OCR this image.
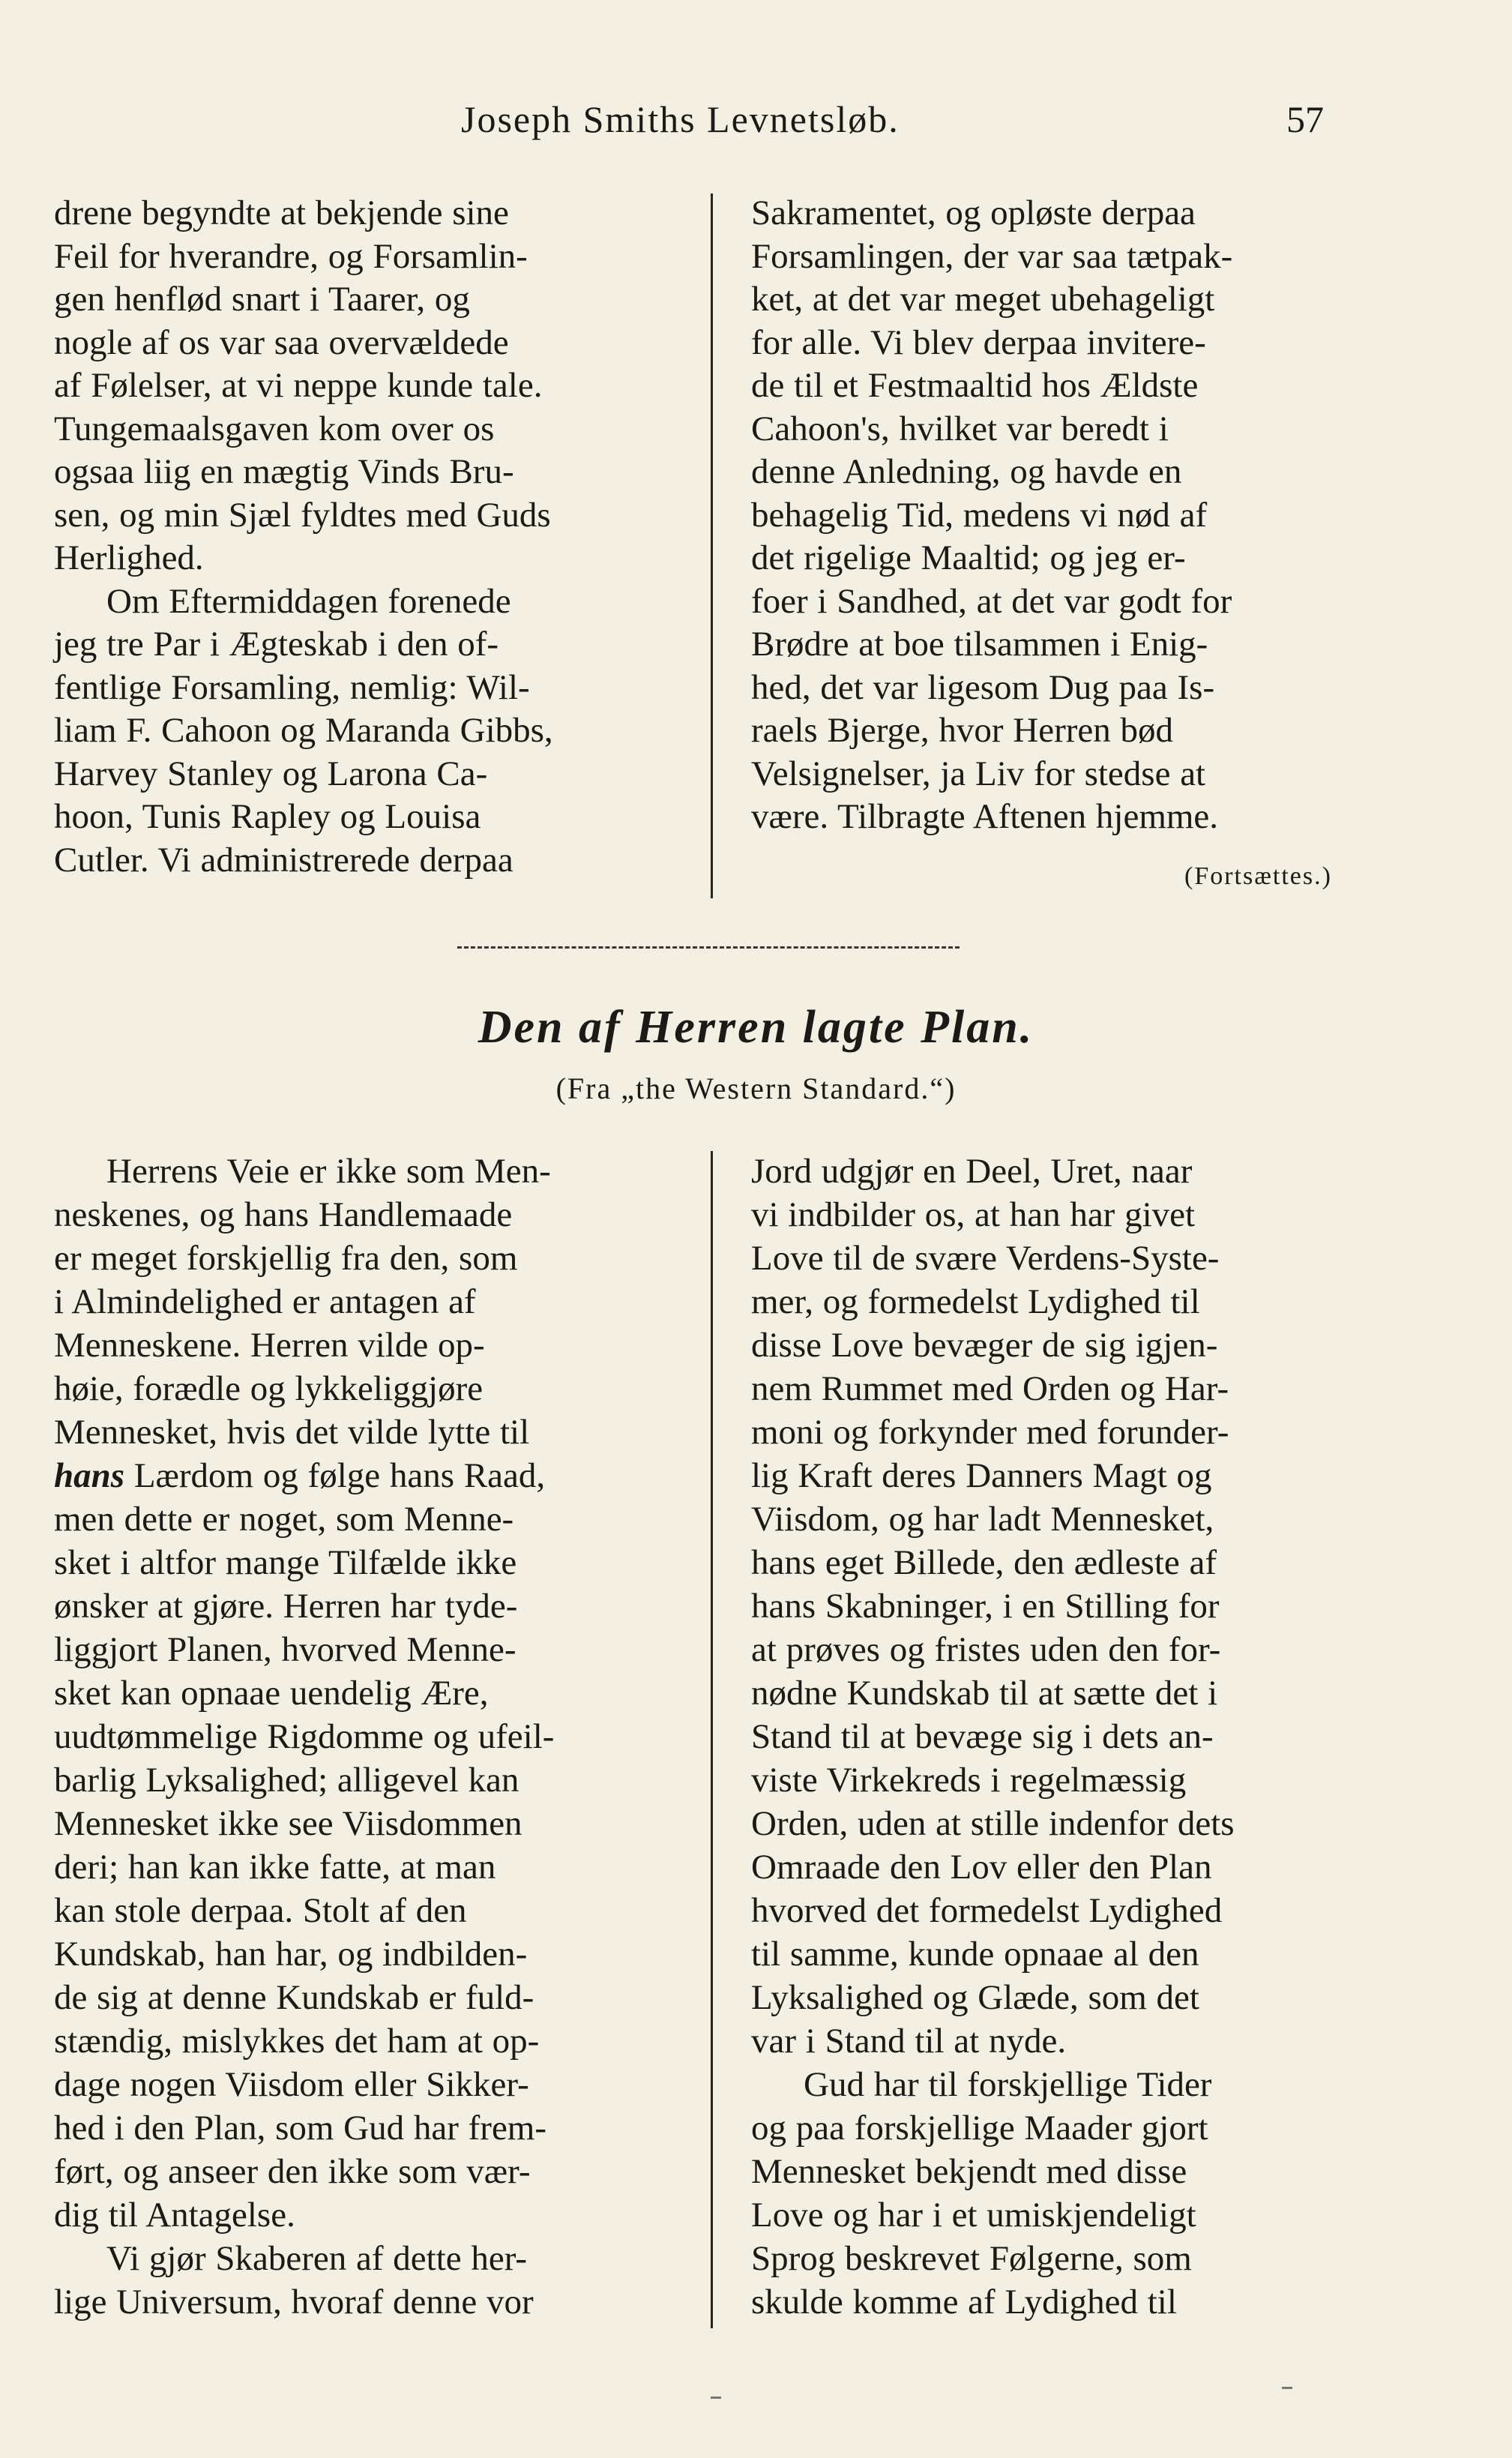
Joseph Smiths Levnetsløb.	57

drene begyndte at bekjende sine
Feil for hverandre, og Forsamlin-
gen henflød snart i Taarer, og
nogle af os var saa overvældede
af Følelser, at vi neppe kunde tale.
Tungemaalsgaven kom over os
ogsaa liig en mægtig Vinds Bru-
sen, og min Sjæl fyldtes med Guds
Herlighed.

Om Eftermiddagen forenede
jeg tre Par i Ægteskab i den of-
fentlige Forsamling, nemlig: Wil-
liam F. Cahoon og Maranda Gibbs,
Harvey Stanley og Larona Ca-
hoon, Tunis Rapley og Louisa
Cutler. Vi administrerede derpaa

Sakramentet, og opløste derpaa
Forsamlingen, der var saa tætpak-
ket, at det var meget ubehageligt
for alle. Vi blev derpaa invitere-
de til et Festmaaltid hos Ældste
Cahoon's, hvilket var beredt i
denne Anledning, og havde en
behagelig Tid, medens vi nød af
det rigelige Maaltid; og jeg er-
foer i Sandhed, at det var godt for
Brødre at boe tilsammen i Enig-
hed, det var ligesom Dug paa Is-
raels Bjerge, hvor Herren bød
Velsignelser, ja Liv for stedse at
være. Tilbragte Aftenen hjemme.

(Fortsættes.)
Den af Herren lagte Plan.
(Fra „the Western Standard.“)

Herrens Veie er ikke som Men-
neskenes, og hans Handlemaade
er meget forskjellig fra den, som
i Almindelighed er antagen af
Menneskene. Herren vilde op-
høie, forædle og lykkeliggjøre
Mennesket, hvis det vilde lytte til
hans Lærdom og følge hans Raad,
men dette er noget, som Menne-
sket i altfor mange Tilfælde ikke
ønsker at gjøre. Herren har tyde-
liggjort Planen, hvorved Menne-
sket kan opnaae uendelig Ære,
uudtømmelige Rigdomme og ufeil-
barlig Lyksalighed; alligevel kan
Mennesket ikke see Viisdommen
deri; han kan ikke fatte, at man
kan stole derpaa. Stolt af den
Kundskab, han har, og indbilden-
de sig at denne Kundskab er fuld-
stændig, mislykkes det ham at op-
dage nogen Viisdom eller Sikker-
hed i den Plan, som Gud har frem-
ført, og anseer den ikke som vær-
dig til Antagelse.

Vi gjør Skaberen af dette her-
lige Universum, hvoraf denne vor

Jord udgjør en Deel, Uret, naar
vi indbilder os, at han har givet
Love til de svære Verdens-Syste-
mer, og formedelst Lydighed til
disse Love bevæger de sig igjen-
nem Rummet med Orden og Har-
moni og forkynder med forunder-
lig Kraft deres Danners Magt og
Viisdom, og har ladt Mennesket,
hans eget Billede, den ædleste af
hans Skabninger, i en Stilling for
at prøves og fristes uden den for-
nødne Kundskab til at sætte det i
Stand til at bevæge sig i dets an-
viste Virkekreds i regelmæssig
Orden, uden at stille indenfor dets
Omraade den Lov eller den Plan
hvorved det formedelst Lydighed
til samme, kunde opnaae al den
Lyksalighed og Glæde, som det
var i Stand til at nyde.

Gud har til forskjellige Tider
og paa forskjellige Maader gjort
Mennesket bekjendt med disse
Love og har i et umiskjendeligt
Sprog beskrevet Følgerne, som
skulde komme af Lydighed til
